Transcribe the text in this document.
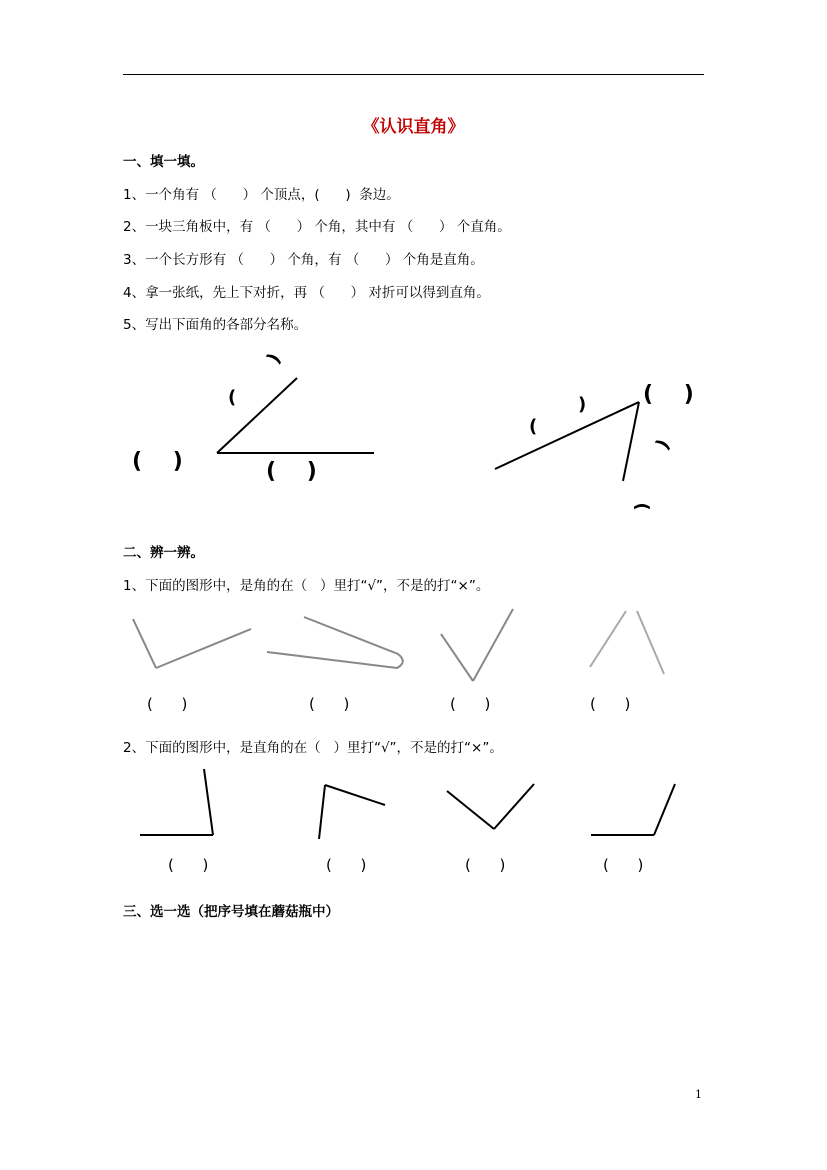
《认识直角》
一、填一填。
1、一个角有 （      ） 个顶点，(      )  条边。
2、一块三角板中，有 （      ） 个角，其中有 （      ） 个直角。
3、一个长方形有 （      ） 个角，有 （      ） 个角是直角。
4、拿一张纸，先上下对折，再 （      ） 对折可以得到直角。
5、写出下面角的各部分名称。
(    )	(    )
(
)
(    )
(
)
)
)
二、辨一辨。
1、下面的图形中，是角的在（   ）里打“√”，不是的打“×”。
(      )	(      )	(      )	(      )
2、下面的图形中，是直角的在（   ）里打“√”，不是的打“×”。
(      )	(      )	(      )	(      )
三、选一选（把序号填在蘑菇瓶中）
1
